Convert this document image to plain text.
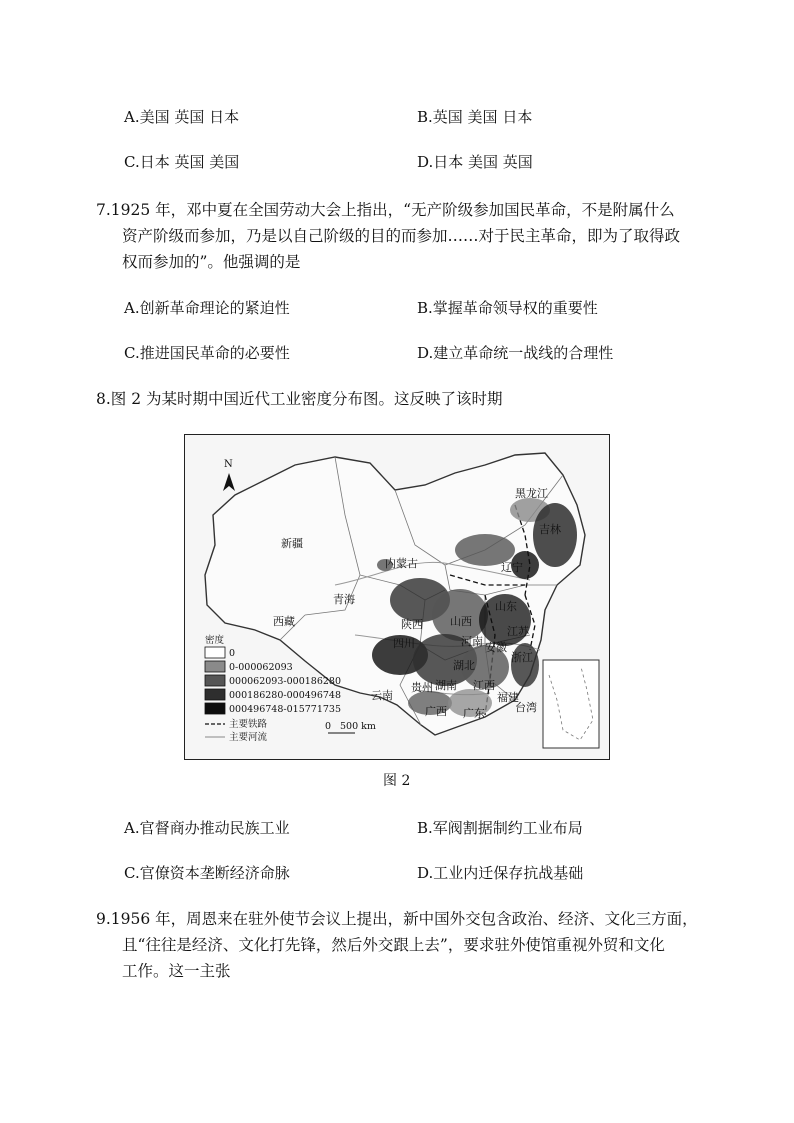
A.美国 英国 日本	B.英国 美国 日本
C.日本 英国 美国	D.日本 美国 英国
7.1925 年，邓中夏在全国劳动大会上指出，“无产阶级参加国民革命，不是附属什么
资产阶级而参加，乃是以自己阶级的目的而参加……对于民主革命，即为了取得政
权而参加的”。他强调的是
A.创新革命理论的紧迫性	B.掌握革命领导权的重要性
C.推进国民革命的必要性	D.建立革命统一战线的合理性
8.图 2 为某时期中国近代工业密度分布图。这反映了该时期
N
新疆
西藏
青海
内蒙古
黑龙江
吉林
辽宁
山西
陕西
山东
河南
湖北
安徽
江苏
浙江
四川
湖南 江西
福建
贵州
云南
广西 广东	台湾
密度
0
0-000062093
000062093-000186280
000186280-000496748
000496748-015771735
主要铁路
主要河流
0 500 km
图 2
A.官督商办推动民族工业	B.军阀割据制约工业布局
C.官僚资本垄断经济命脉	D.工业内迁保存抗战基础
9.1956 年，周恩来在驻外使节会议上提出，新中国外交包含政治、经济、文化三方面，
且“往往是经济、文化打先锋，然后外交跟上去”，要求驻外使馆重视外贸和文化
工作。这一主张
